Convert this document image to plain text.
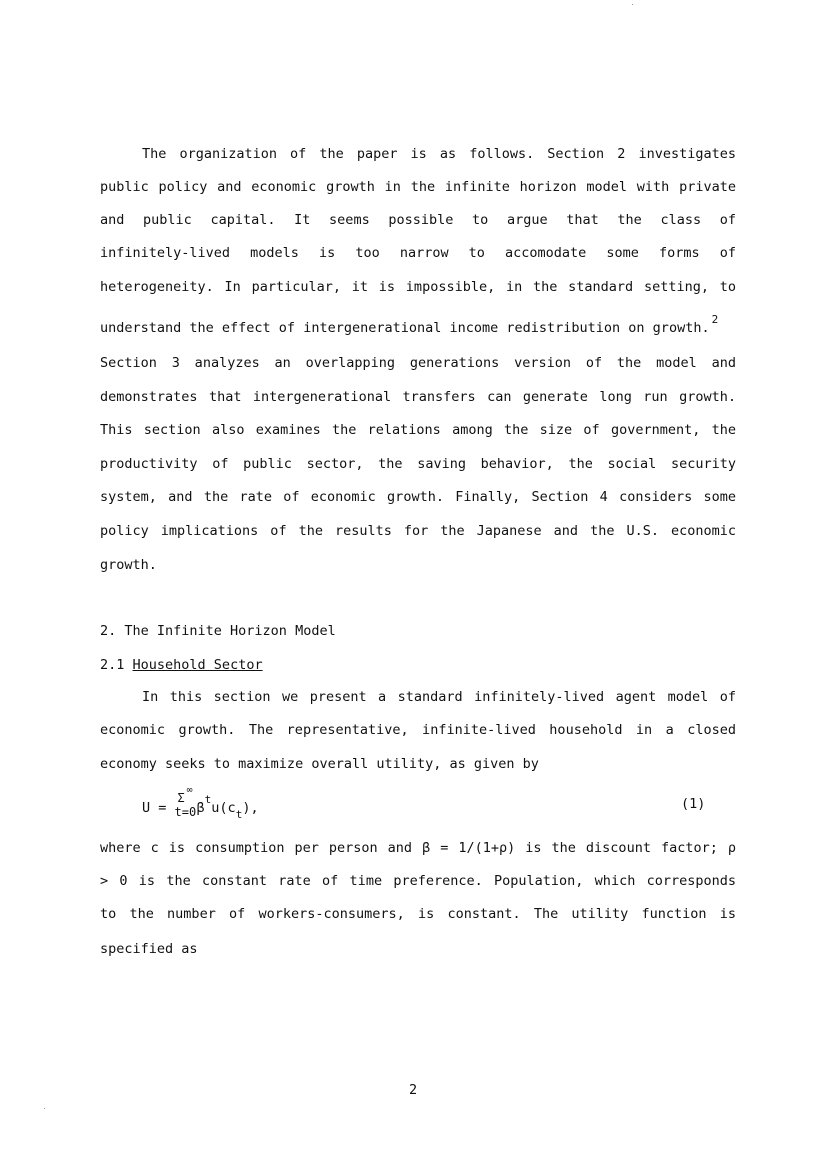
The organization of the paper is as follows. Section 2 investigates
public policy and economic growth in the infinite horizon model with private
and public capital. It seems possible to argue that the class of
infinitely-lived models is too narrow to accomodate some forms of
heterogeneity. In particular, it is impossible, in the standard setting, to
understand the effect of intergenerational income redistribution on growth.$^2$
Section 3 analyzes an overlapping generations version of the model and
demonstrates that intergenerational transfers can generate long run growth.
This section also examines the relations among the size of government, the
productivity of public sector, the saving behavior, the social security
system, and the rate of economic growth. Finally, Section 4 considers some
policy implications of the results for the Japanese and the U.S. economic
growth.
2. The Infinite Horizon Model
2.1 Household Sector
In this section we present a standard infinitely-lived agent model of
economic growth. The representative, infinite-lived household in a closed
economy seeks to maximize overall utility, as given by
U =
Σ
∞
t=0 $\beta^tu(c_t)$,	(1)
where c is consumption per person and β = 1/(1+ρ) is the discount factor; ρ
> 0 is the constant rate of time preference. Population, which corresponds
to the number of workers-consumers, is constant. The utility function is
specified as
2
